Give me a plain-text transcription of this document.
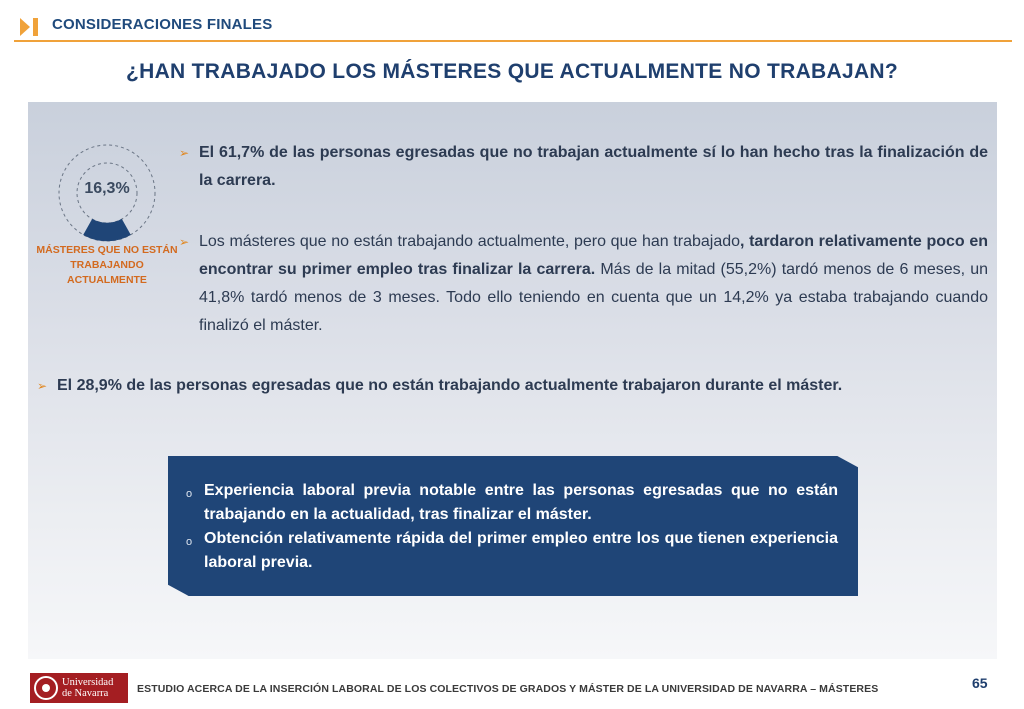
CONSIDERACIONES FINALES
¿HAN TRABAJADO LOS MÁSTERES QUE ACTUALMENTE NO TRABAJAN?
16,3%
MÁSTERES QUE NO ESTÁN TRABAJANDO ACTUALMENTE
➢ El 61,7% de las personas egresadas que no trabajan actualmente sí lo han hecho tras la finalización de la carrera.
➢ Los másteres que no están trabajando actualmente, pero que han trabajado, tardaron relativamente poco en encontrar su primer empleo tras finalizar la carrera. Más de la mitad (55,2%) tardó menos de 6 meses, un 41,8% tardó menos de 3 meses. Todo ello teniendo en cuenta que un 14,2% ya estaba trabajando cuando finalizó el máster.
➢ El 28,9% de las personas egresadas que no están trabajando actualmente trabajaron durante el máster.
o Experiencia laboral previa notable entre las personas egresadas que no están trabajando en la actualidad, tras finalizar el máster.
o Obtención relativamente rápida del primer empleo entre los que tienen experiencia laboral previa.
Universidad
de Navarra	ESTUDIO ACERCA DE LA INSERCIÓN LABORAL DE LOS COLECTIVOS DE GRADOS Y MÁSTER DE LA UNIVERSIDAD DE NAVARRA – MÁSTERES	65
